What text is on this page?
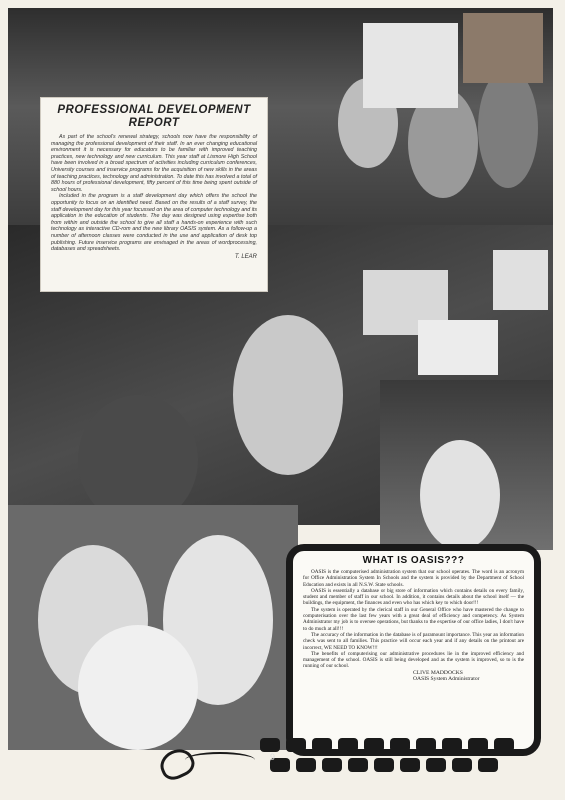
PROFESSIONAL DEVELOPMENT REPORT

As part of the school's renewal strategy, schools now have the responsibility of managing the professional development of their staff. In an ever changing educational environment it is necessary for educators to be familiar with improved teaching practices, new technology and new curriculum. This year staff at Lismore High School have been involved in a broad spectrum of activities including curriculum conferences, University courses and inservice programs for the acquisition of new skills in the areas of teaching practices, technology and administration. To date this has involved a total of 880 hours of professional development, fifty percent of this time being spent outside of school hours.

Included in the program is a staff development day which offers the school the opportunity to focus on an identified need. Based on the results of a staff survey, the staff development day for this year focussed on the area of computer technology and its application in the education of students. The day was designed using expertise both from within and outside the school to give all staff a hands-on experience with such technology as interactive CD-rom and the new library OASIS system. As a follow-up a number of afternoon classes were conducted in the use and application of desk top publishing. Future inservice programs are envisaged in the areas of wordprocessing, databases and spreadsheets.

T. LEAR
WHAT IS OASIS???

OASIS is the computerised administration system that our school operates. The word is an acronym for Office Administration System In Schools and the system is provided by the Department of School Education and exists in all N.S.W. State schools.

OASIS is essentially a database or big store of information which contains details on every family, student and member of staff in our school. In addition, it contains details about the school itself — the buildings, the equipment, the finances and even who has which key to which door!!!

The system is operated by the clerical staff in our General Office who have mastered the change to computerisation over the last few years with a great deal of efficiency and competency. As System Administrator my job is to oversee operations, but thanks to the expertise of our office ladies, I don't have to do much at all!!!

The accuracy of the information in the database is of paramount importance. This year an information check was sent to all families. This practice will occur each year and if any details on the printout are incorrect, WE NEED TO KNOW!!!

The benefits of computerising our administrative procedures lie in the improved efficiency and management of the school. OASIS is still being developed and as the system is improved, so to is the running of our school.

CLIVE MADDOCKS
OASIS System Administrator
9
